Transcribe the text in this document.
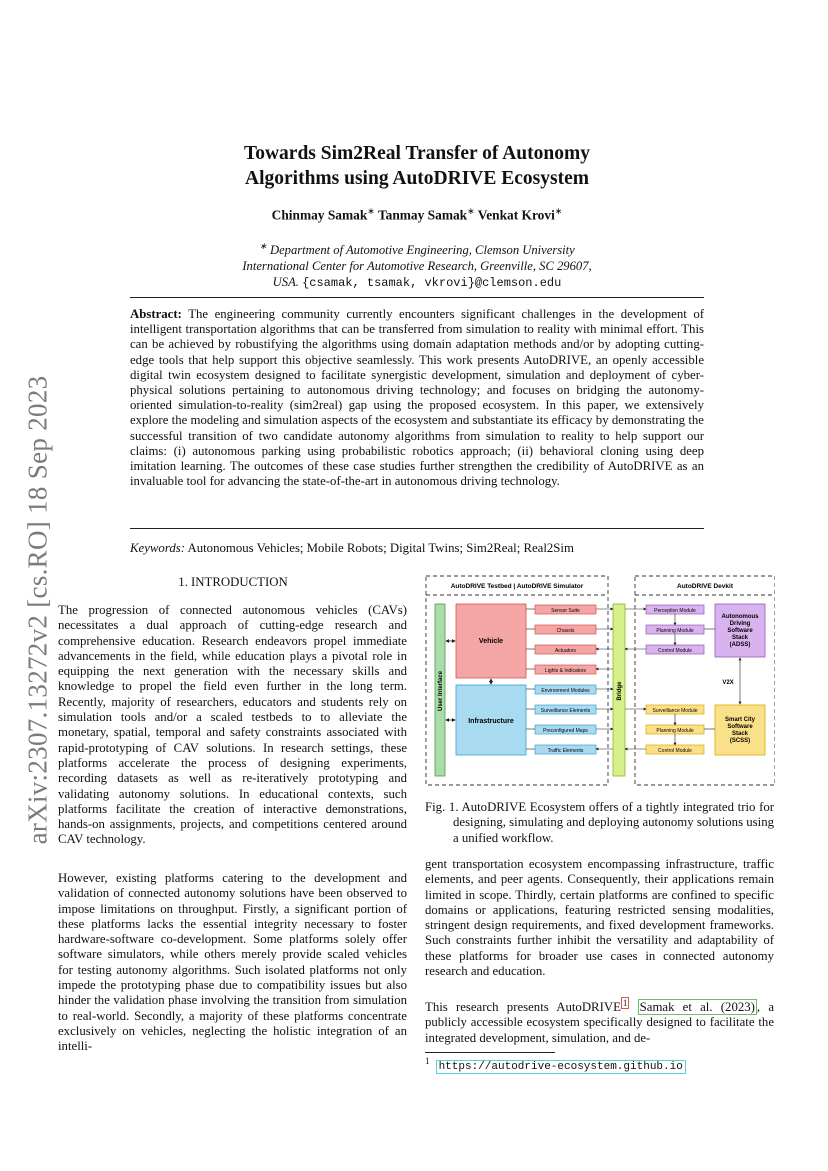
arXiv:2307.13272v2 [cs.RO] 18 Sep 2023
Towards Sim2Real Transfer of Autonomy
Algorithms using AutoDRIVE Ecosystem
Chinmay Samak∗ Tanmay Samak∗ Venkat Krovi∗
∗ Department of Automotive Engineering, Clemson University
International Center for Automotive Research, Greenville, SC 29607,
USA. {csamak, tsamak, vkrovi}@clemson.edu
Abstract: The engineering community currently encounters significant challenges in the development of intelligent transportation algorithms that can be transferred from simulation to reality with minimal effort. This can be achieved by robustifying the algorithms using domain adaptation methods and/or by adopting cutting-edge tools that help support this objective seamlessly. This work presents AutoDRIVE, an openly accessible digital twin ecosystem designed to facilitate synergistic development, simulation and deployment of cyber-physical solutions pertaining to autonomous driving technology; and focuses on bridging the autonomy-oriented simulation-to-reality (sim2real) gap using the proposed ecosystem. In this paper, we extensively explore the modeling and simulation aspects of the ecosystem and substantiate its efficacy by demonstrating the successful transition of two candidate autonomy algorithms from simulation to reality to help support our claims: (i) autonomous parking using probabilistic robotics approach; (ii) behavioral cloning using deep imitation learning. The outcomes of these case studies further strengthen the credibility of AutoDRIVE as an invaluable tool for advancing the state-of-the-art in autonomous driving technology.
Keywords: Autonomous Vehicles; Mobile Robots; Digital Twins; Sim2Real; Real2Sim
1. INTRODUCTION
The progression of connected autonomous vehicles (CAVs) necessitates a dual approach of cutting-edge research and comprehensive education. Research endeavors propel immediate advancements in the field, while education plays a pivotal role in equipping the next generation with the necessary skills and knowledge to propel the field even further in the long term. Recently, majority of researchers, educators and students rely on simulation tools and/or a scaled testbeds to to alleviate the monetary, spatial, temporal and safety constraints associated with rapid-prototyping of CAV solutions. In research settings, these platforms accelerate the process of designing experiments, recording datasets as well as re-iteratively prototyping and validating autonomy solutions. In educational contexts, such platforms facilitate the creation of interactive demonstrations, hands-on assignments, projects, and competitions centered around CAV technology.
However, existing platforms catering to the development and validation of connected autonomy solutions have been observed to impose limitations on throughput. Firstly, a significant portion of these platforms lacks the essential integrity necessary to foster hardware-software co-development. Some platforms solely offer software simulators, while others merely provide scaled vehicles for testing autonomy algorithms. Such isolated platforms not only impede the prototyping phase due to compatibility issues but also hinder the validation phase involving the transition from simulation to real-world. Secondly, a majority of these platforms concentrate exclusively on vehicles, neglecting the holistic integration of an intelli-
AutoDRIVE Testbed | AutoDRIVE Simulator	AutoDRIVE Devkit
User Interface	Bridge
Vehicle
Infrastructure
Sensor Suite
Chassis
Actuators
Lights & Indicators
Environment Modules
Surveillance Elements
Preconfigured Maps
Traffic Elements
Perception Module
Planning Module
Control Module
Autonomous
Driving
Software
Stack
(ADSS)
Surveillance Module
Planning Module
Control Module
Smart City
Software
Stack
(SCSS)
V2X
Fig. 1. AutoDRIVE Ecosystem offers of a tightly integrated trio for designing, simulating and deploying autonomy solutions using a unified workflow.
gent transportation ecosystem encompassing infrastructure, traffic elements, and peer agents. Consequently, their applications remain limited in scope. Thirdly, certain platforms are confined to specific domains or applications, featuring restricted sensing modalities, stringent design requirements, and fixed development frameworks. Such constraints further inhibit the versatility and adaptability of these platforms for broader use cases in connected autonomy research and education.
This research presents AutoDRIVE $^1$ Samak et al. (2023) , a publicly accessible ecosystem specifically designed to facilitate the integrated development, simulation, and de-
$^1$ https://autodrive-ecosystem.github.io
